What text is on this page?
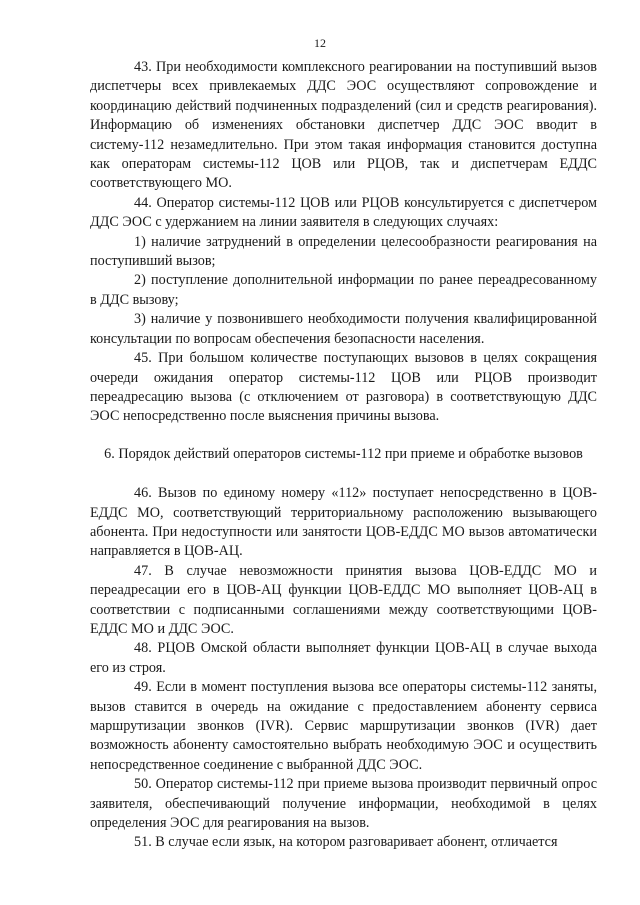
12

43. При необходимости комплексного реагировании на поступивший вызов диспетчеры всех привлекаемых ДДС ЭОС осуществляют сопровождение и координацию действий подчиненных подразделений (сил и средств реагирования). Информацию об изменениях обстановки диспетчер ДДС ЭОС вводит в систему-112 незамедлительно. При этом такая информация становится доступна как операторам системы-112 ЦОВ или РЦОВ, так и диспетчерам ЕДДС соответствующего МО.

44. Оператор системы-112 ЦОВ или РЦОВ консультируется с диспетчером ДДС ЭОС с удержанием на линии заявителя в следующих случаях:

1) наличие затруднений в определении целесообразности реагирования на поступивший вызов;

2) поступление дополнительной информации по ранее переадресованному в ДДС вызову;

3) наличие у позвонившего необходимости получения квалифицированной консультации по вопросам обеспечения безопасности населения.

45. При большом количестве поступающих вызовов в целях сокращения очереди ожидания оператор системы-112 ЦОВ или РЦОВ производит переадресацию вызова (с отключением от разговора) в соответствующую ДДС ЭОС непосредственно после выяснения причины вызова.

6. Порядок действий операторов системы-112 при приеме и обработке вызовов

46. Вызов по единому номеру «112» поступает непосредственно в ЦОВ-ЕДДС МО, соответствующий территориальному расположению вызывающего абонента. При недоступности или занятости ЦОВ-ЕДДС МО вызов автоматически направляется в ЦОВ-АЦ.

47. В случае невозможности принятия вызова ЦОВ-ЕДДС МО и переадресации его в ЦОВ-АЦ функции ЦОВ-ЕДДС МО выполняет ЦОВ-АЦ в соответствии с подписанными соглашениями между соответствующими ЦОВ-ЕДДС МО и ДДС ЭОС.

48. РЦОВ Омской области выполняет функции ЦОВ-АЦ в случае выхода его из строя.

49. Если в момент поступления вызова все операторы системы-112 заняты, вызов ставится в очередь на ожидание с предоставлением абоненту сервиса маршрутизации звонков (IVR). Сервис маршрутизации звонков (IVR) дает возможность абоненту самостоятельно выбрать необходимую ЭОС и осуществить непосредственное соединение с выбранной ДДС ЭОС.

50. Оператор системы-112 при приеме вызова производит первичный опрос заявителя, обеспечивающий получение информации, необходимой в целях определения ЭОС для реагирования на вызов.

51. В случае если язык, на котором разговаривает абонент, отличается
